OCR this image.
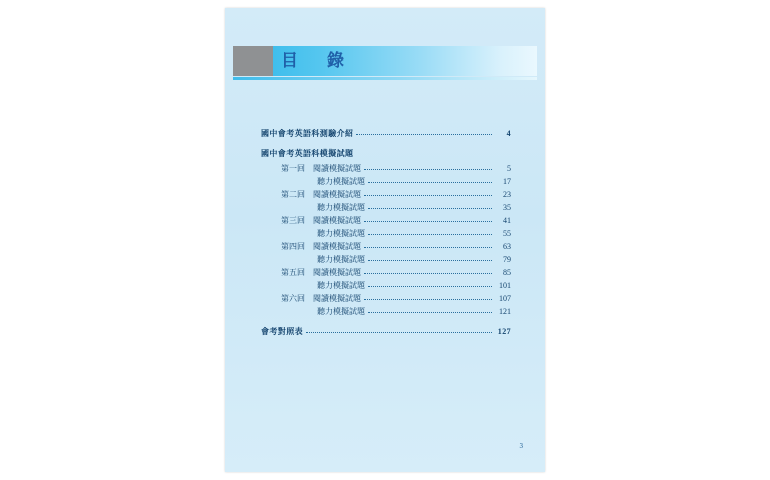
目　錄
國中會考英語科測驗介紹	4
國中會考英語科模擬試題
第一回 閱讀模擬試題	5
聽力模擬試題	17
第二回 閱讀模擬試題	23
聽力模擬試題	35
第三回 閱讀模擬試題	41
聽力模擬試題	55
第四回 閱讀模擬試題	63
聽力模擬試題	79
第五回 閱讀模擬試題	85
聽力模擬試題	101
第六回 閱讀模擬試題	107
聽力模擬試題	121
會考對照表	127
3
